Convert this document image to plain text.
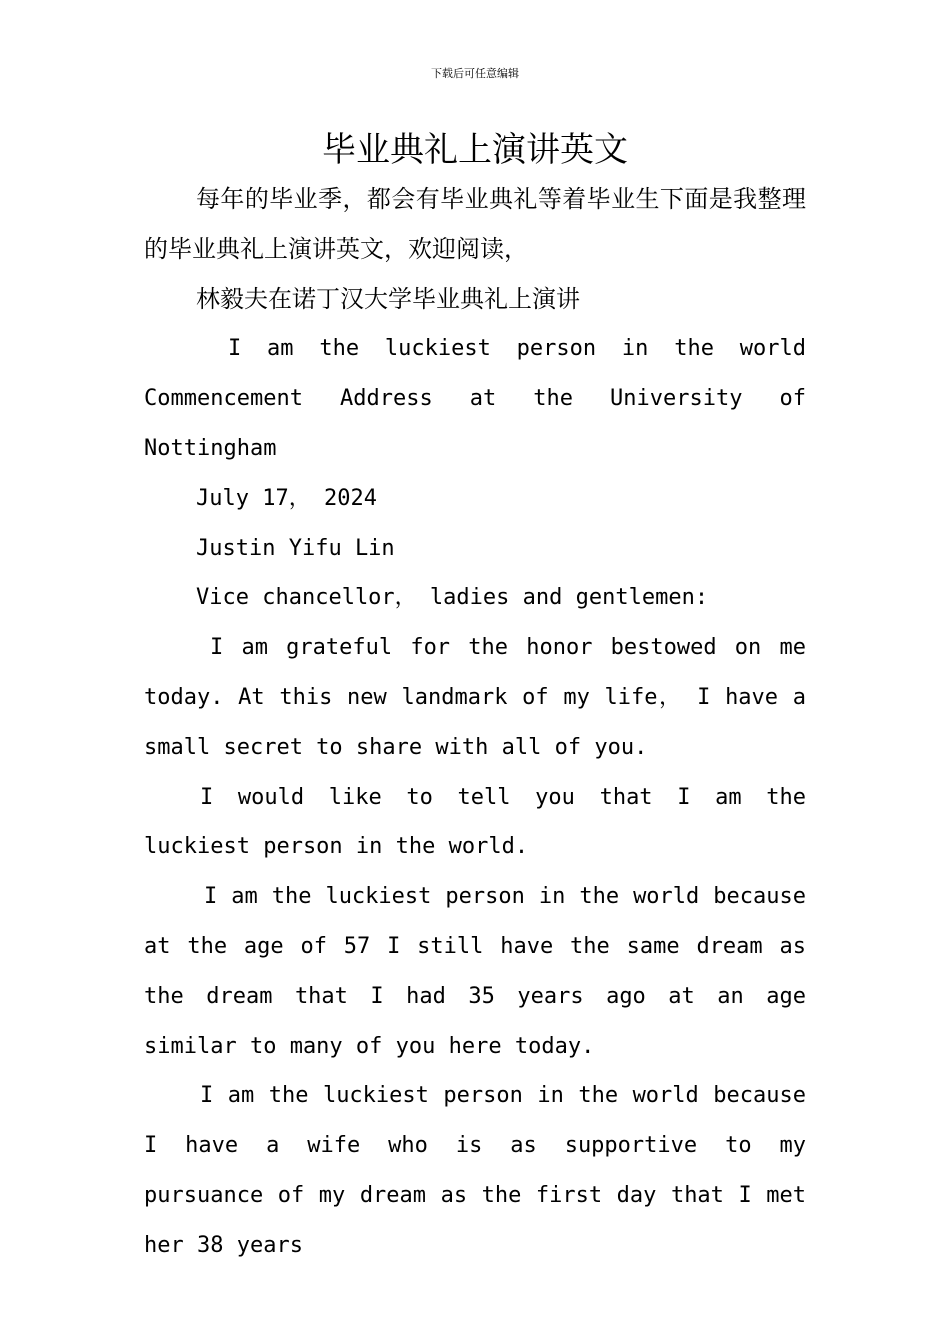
下载后可任意编辑
毕业典礼上演讲英文

每年的毕业季，都会有毕业典礼等着毕业生下面是我整理的毕业典礼上演讲英文，欢迎阅读，

林毅夫在诺丁汉大学毕业典礼上演讲

I am the luckiest person in the world Commencement Address at the University of Nottingham

July 17， 2024

Justin Yifu Lin

Vice chancellor， ladies and gentlemen:

I am grateful for the honor bestowed on me today. At this new landmark of my life， I have a small secret to share with all of you.

I would like to tell you that I am the luckiest person in the world.

I am the luckiest person in the world because at the age of 57 I still have the same dream as the dream that I had 35 years ago at an age similar to many of you here today.

I am the luckiest person in the world because I have a wife who is as supportive to my pursuance of my dream as the first day that I met her 38 years
